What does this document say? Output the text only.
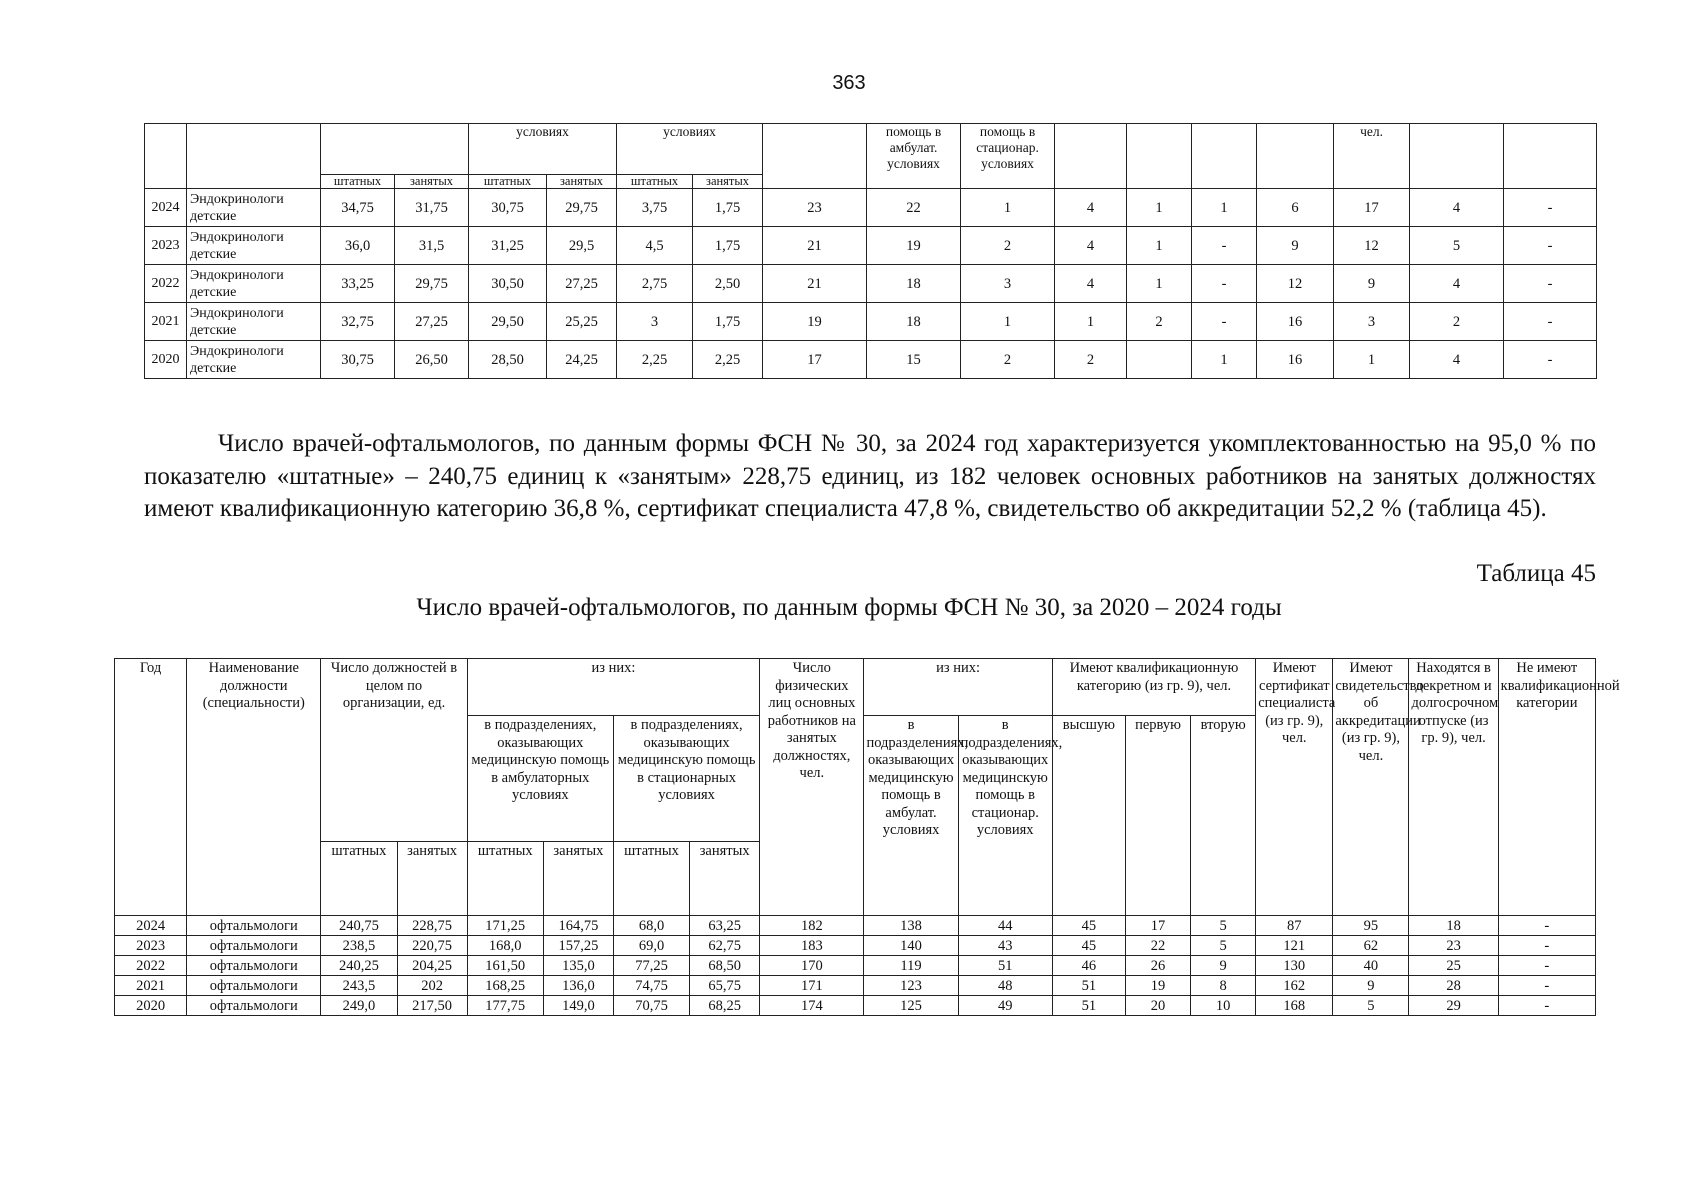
363
				условиях		условиях			помощь в амбулат. условиях	помощь в стационар. условиях					чел.		
		штатных	занятых	штатных	занятых	штатных	занятых										
2024	Эндокринологи детские	34,75	31,75	30,75	29,75	3,75	1,75	23	22	1	4	1	1	6	17	4	-
2023	Эндокринологи детские	36,0	31,5	31,25	29,5	4,5	1,75	21	19	2	4	1	-	9	12	5	-
2022	Эндокринологи детские	33,25	29,75	30,50	27,25	2,75	2,50	21	18	3	4	1	-	12	9	4	-
2021	Эндокринологи детские	32,75	27,25	29,50	25,25	3	1,75	19	18	1	1	2	-	16	3	2	-
2020	Эндокринологи детские	30,75	26,50	28,50	24,25	2,25	2,25	17	15	2	2		1	16	1	4	-

Число врачей-офтальмологов, по данным формы ФСН № 30, за 2024 год характеризуется укомплектованностью на 95,0 % по показателю «штатные» – 240,75 единиц к «занятым» 228,75 единиц, из 182 человек основных работников на занятых должностях имеют квалификационную категорию 36,8 %, сертификат специалиста 47,8 %, свидетельство об аккредитации 52,2 % (таблица 45).

Таблица 45

Число врачей-офтальмологов, по данным формы ФСН № 30, за 2020 – 2024 годы

Год	Наименование должности (специальности)	Число должностей в целом по организации, ед.		из них:				Число физических лиц основных работников на занятых должностях, чел.	из них:		Имеют квалификационную категорию (из гр. 9), чел.			Имеют сертификат специалиста (из гр. 9), чел.	Имеют свидетельство об аккредитации (из гр. 9), чел.	Находятся в декретном и долгосрочном отпуске (из гр. 9), чел.	Не имеют квалификационной категории
				в подразделениях, оказывающих медицинскую помощь в амбулаторных условиях		в подразделениях, оказывающих медицинскую помощь в стационарных условиях			в подразделениях, оказывающих медицинскую помощь в амбулат. условиях	в подразделениях, оказывающих медицинскую помощь в стационар. условиях	высшую	первую	вторую				
		штатных	занятых	штатных	занятых	штатных	занятых										
2024	офтальмологи	240,75	228,75	171,25	164,75	68,0	63,25	182	138	44	45	17	5	87	95	18	-
2023	офтальмологи	238,5	220,75	168,0	157,25	69,0	62,75	183	140	43	45	22	5	121	62	23	-
2022	офтальмологи	240,25	204,25	161,50	135,0	77,25	68,50	170	119	51	46	26	9	130	40	25	-
2021	офтальмологи	243,5	202	168,25	136,0	74,75	65,75	171	123	48	51	19	8	162	9	28	-
2020	офтальмологи	249,0	217,50	177,75	149,0	70,75	68,25	174	125	49	51	20	10	168	5	29	-
